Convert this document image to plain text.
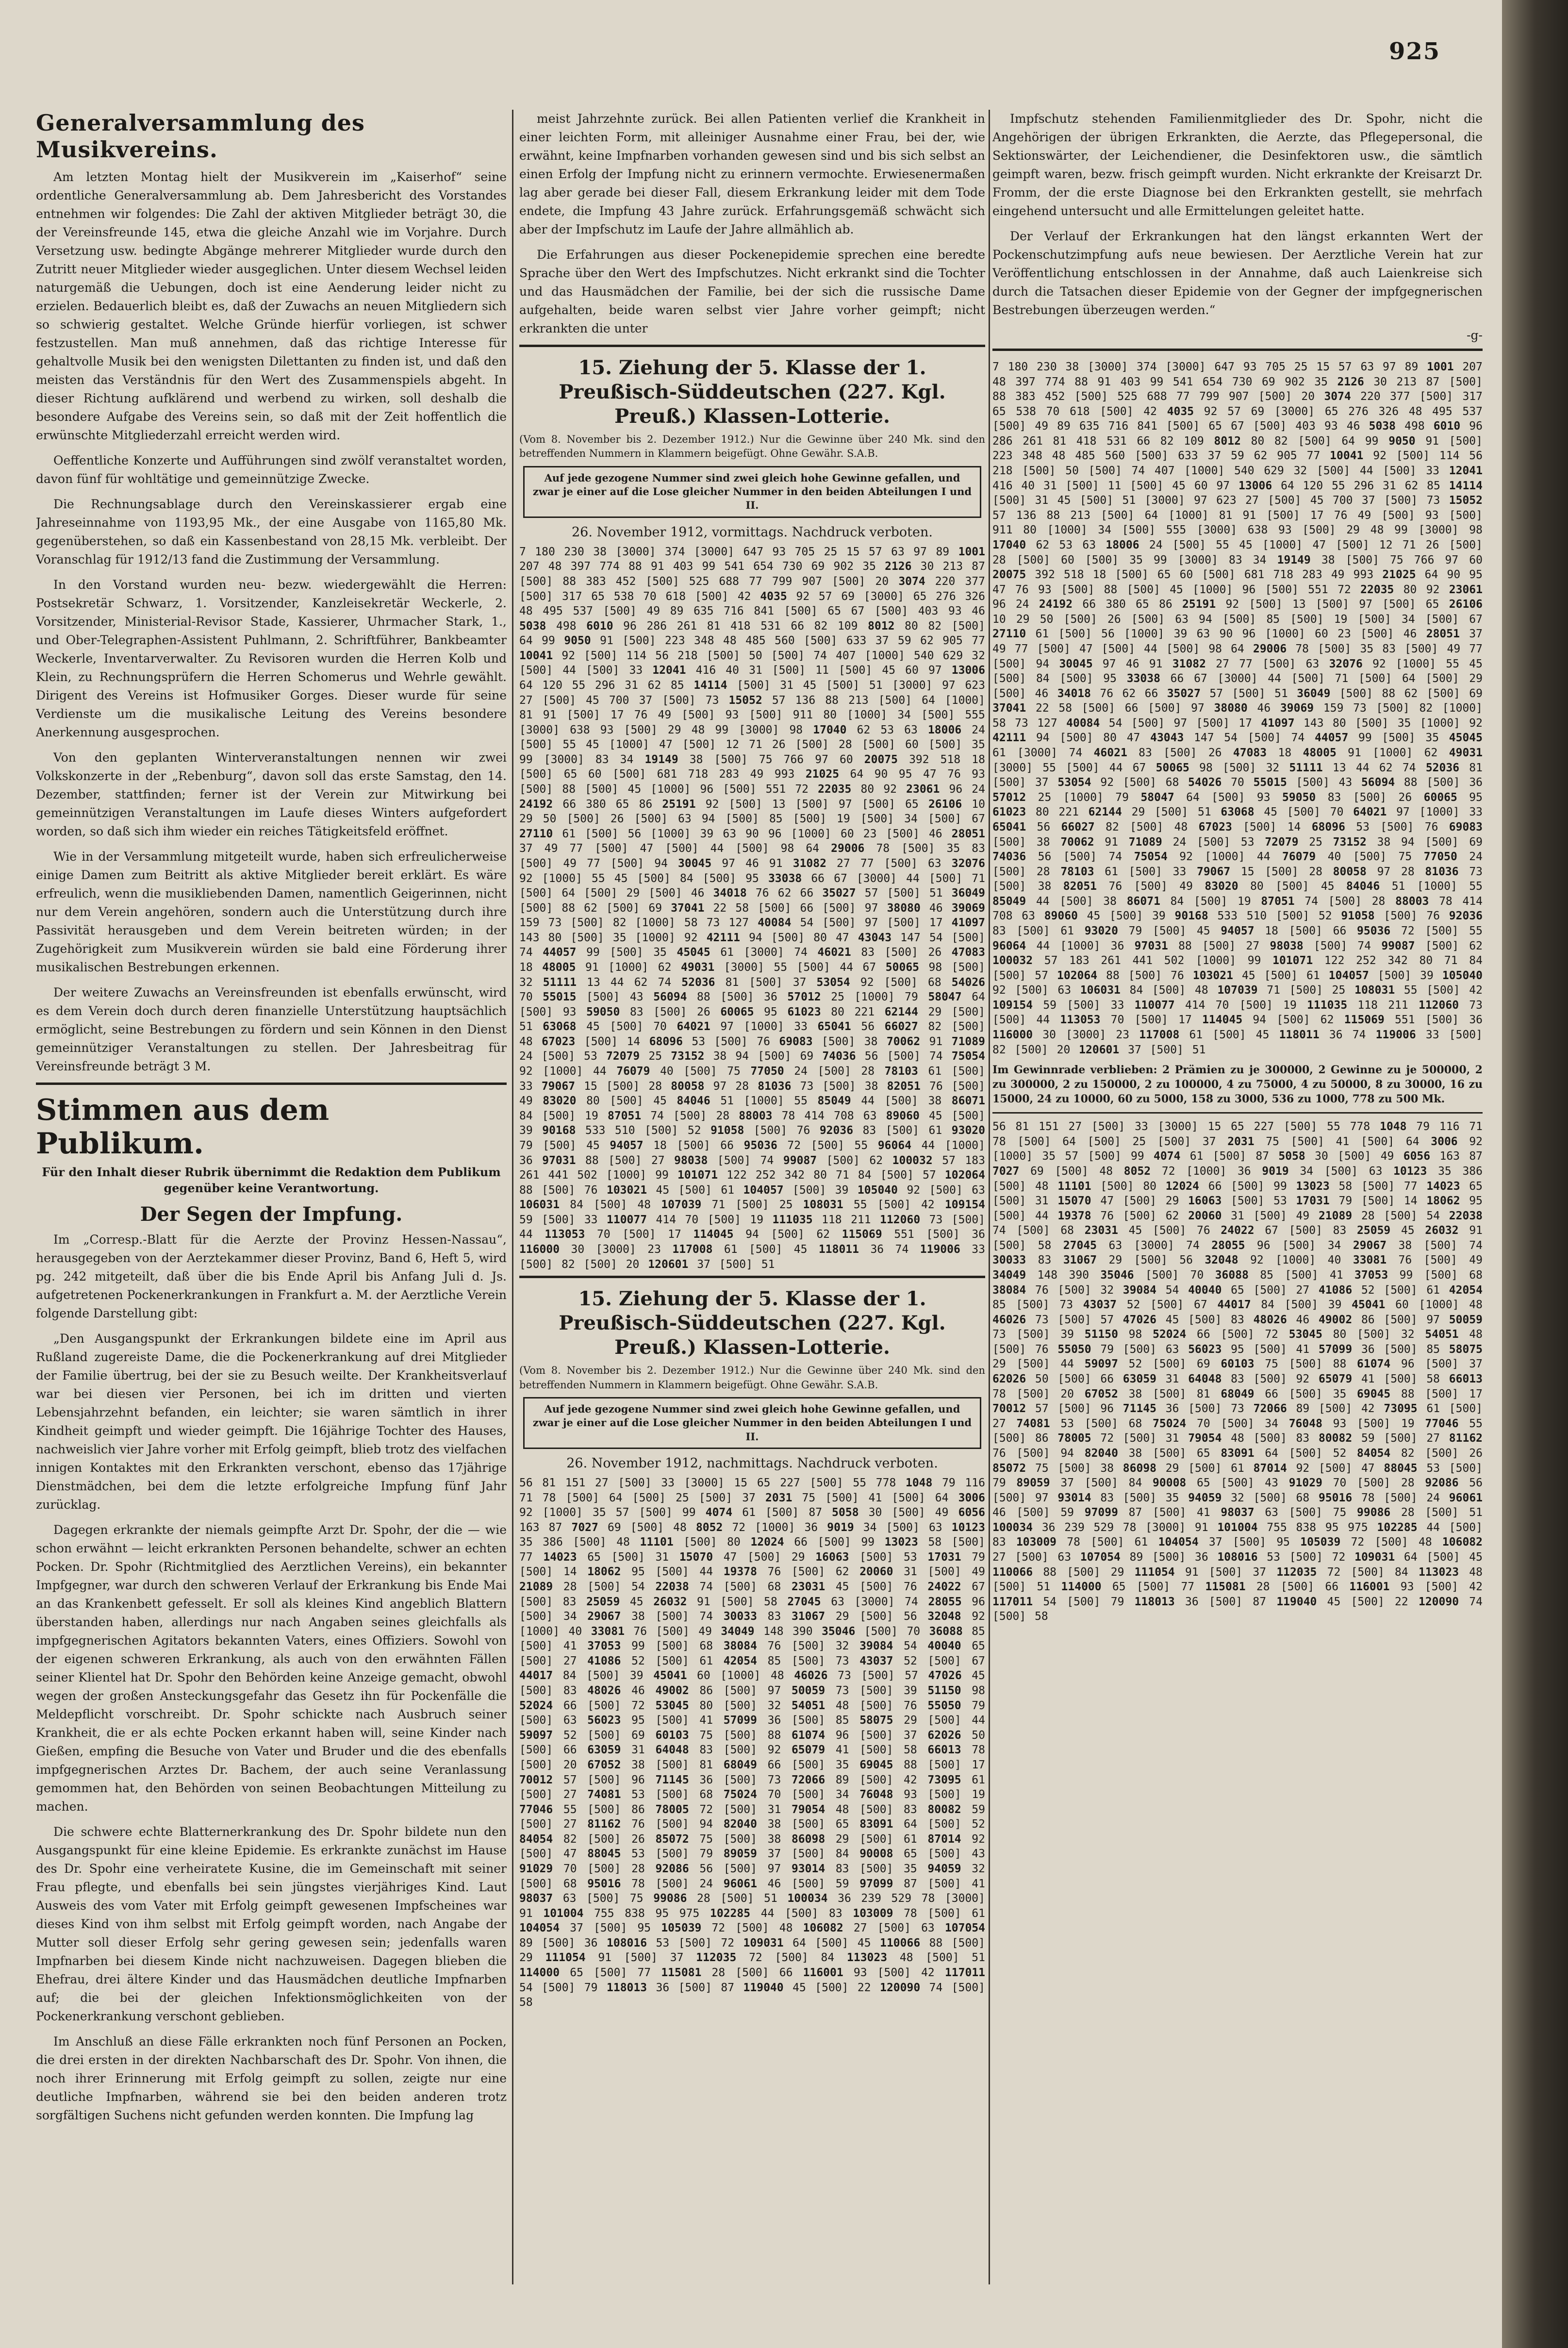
925
Generalversammlung des Musikvereins.

Am letzten Montag hielt der Musikverein im „Kaiserhof“ seine ordentliche Generalversammlung ab. Dem Jahresbericht des Vorstandes entnehmen wir folgendes: Die Zahl der aktiven Mitglieder beträgt 30, die der Vereinsfreunde 145, etwa die gleiche Anzahl wie im Vorjahre. Durch Versetzung usw. bedingte Abgänge mehrerer Mitglieder wurde durch den Zutritt neuer Mitglieder wieder ausgeglichen. Unter diesem Wechsel leiden naturgemäß die Uebungen, doch ist eine Aenderung leider nicht zu erzielen. Bedauerlich bleibt es, daß der Zuwachs an neuen Mitgliedern sich so schwierig gestaltet. Welche Gründe hierfür vorliegen, ist schwer festzustellen. Man muß annehmen, daß das richtige Interesse für gehaltvolle Musik bei den wenigsten Dilettanten zu finden ist, und daß den meisten das Verständnis für den Wert des Zusammenspiels abgeht. In dieser Richtung aufklärend und werbend zu wirken, soll deshalb die besondere Aufgabe des Vereins sein, so daß mit der Zeit hoffentlich die erwünschte Mitgliederzahl erreicht werden wird.

Oeffentliche Konzerte und Aufführungen sind zwölf veranstaltet worden, davon fünf für wohltätige und gemeinnützige Zwecke.

Die Rechnungsablage durch den Vereinskassierer ergab eine Jahreseinnahme von 1193,95 Mk., der eine Ausgabe von 1165,80 Mk. gegenüberstehen, so daß ein Kassenbestand von 28,15 Mk. verbleibt. Der Voranschlag für 1912/13 fand die Zustimmung der Versammlung.

In den Vorstand wurden neu- bezw. wiedergewählt die Herren: Postsekretär Schwarz, 1. Vorsitzender, Kanzleisekretär Weckerle, 2. Vorsitzender, Ministerial-Revisor Stade, Kassierer, Uhrmacher Stark, 1., und Ober-Telegraphen-Assistent Puhlmann, 2. Schriftführer, Bankbeamter Weckerle, Inventarverwalter. Zu Revisoren wurden die Herren Kolb und Klein, zu Rechnungsprüfern die Herren Schomerus und Wehrle gewählt. Dirigent des Vereins ist Hofmusiker Gorges. Dieser wurde für seine Verdienste um die musikalische Leitung des Vereins besondere Anerkennung ausgesprochen.

Von den geplanten Winterveranstaltungen nennen wir zwei Volkskonzerte in der „Rebenburg“, davon soll das erste Samstag, den 14. Dezember, stattfinden; ferner ist der Verein zur Mitwirkung bei gemeinnützigen Veranstaltungen im Laufe dieses Winters aufgefordert worden, so daß sich ihm wieder ein reiches Tätigkeitsfeld eröffnet.

Wie in der Versammlung mitgeteilt wurde, haben sich erfreulicherweise einige Damen zum Beitritt als aktive Mitglieder bereit erklärt. Es wäre erfreulich, wenn die musikliebenden Damen, namentlich Geigerinnen, nicht nur dem Verein angehören, sondern auch die Unterstützung durch ihre Passivität herausgeben und dem Verein beitreten würden; in der Zugehörigkeit zum Musikverein würden sie bald eine Förderung ihrer musikalischen Bestrebungen erkennen.

Der weitere Zuwachs an Vereinsfreunden ist ebenfalls erwünscht, wird es dem Verein doch durch deren finanzielle Unterstützung hauptsächlich ermöglicht, seine Bestrebungen zu fördern und sein Können in den Dienst gemeinnütziger Veranstaltungen zu stellen. Der Jahresbeitrag für Vereinsfreunde beträgt 3 M.

Stimmen aus dem Publikum.

Für den Inhalt dieser Rubrik übernimmt die Redaktion dem Publikum gegenüber keine Verantwortung.

Der Segen der Impfung.

Im „Corresp.-Blatt für die Aerzte der Provinz Hessen-Nassau“, herausgegeben von der Aerztekammer dieser Provinz, Band 6, Heft 5, wird pg. 242 mitgeteilt, daß über die bis Ende April bis Anfang Juli d. Js. aufgetretenen Pockenerkrankungen in Frankfurt a. M. der Aerztliche Verein folgende Darstellung gibt:

„Den Ausgangspunkt der Erkrankungen bildete eine im April aus Rußland zugereiste Dame, die die Pockenerkrankung auf drei Mitglieder der Familie übertrug, bei der sie zu Besuch weilte. Der Krankheitsverlauf war bei diesen vier Personen, bei ich im dritten und vierten Lebensjahrzehnt befanden, ein leichter; sie waren sämtlich in ihrer Kindheit geimpft und wieder geimpft. Die 16jährige Tochter des Hauses, nachweislich vier Jahre vorher mit Erfolg geimpft, blieb trotz des vielfachen innigen Kontaktes mit den Erkrankten verschont, ebenso das 17jährige Dienstmädchen, bei dem die letzte erfolgreiche Impfung fünf Jahr zurücklag.

Dagegen erkrankte der niemals geimpfte Arzt Dr. Spohr, der die — wie schon erwähnt — leicht erkrankten Personen behandelte, schwer an echten Pocken. Dr. Spohr (Richtmitglied des Aerztlichen Vereins), ein bekannter Impfgegner, war durch den schweren Verlauf der Erkrankung bis Ende Mai an das Krankenbett gefesselt. Er soll als kleines Kind angeblich Blattern überstanden haben, allerdings nur nach Angaben seines gleichfalls als impfgegnerischen Agitators bekannten Vaters, eines Offiziers. Sowohl von der eigenen schweren Erkrankung, als auch von den erwähnten Fällen seiner Klientel hat Dr. Spohr den Behörden keine Anzeige gemacht, obwohl wegen der großen Ansteckungsgefahr das Gesetz ihn für Pockenfälle die Meldepflicht vorschreibt. Dr. Spohr schickte nach Ausbruch seiner Krankheit, die er als echte Pocken erkannt haben will, seine Kinder nach Gießen, empfing die Besuche von Vater und Bruder und die des ebenfalls impfgegnerischen Arztes Dr. Bachem, der auch seine Veranlassung gemommen hat, den Behörden von seinen Beobachtungen Mitteilung zu machen.

Die schwere echte Blatternerkrankung des Dr. Spohr bildete nun den Ausgangspunkt für eine kleine Epidemie. Es erkrankte zunächst im Hause des Dr. Spohr eine verheiratete Kusine, die im Gemeinschaft mit seiner Frau pflegte, und ebenfalls bei sein jüngstes vierjähriges Kind. Laut Ausweis des vom Vater mit Erfolg geimpft gewesenen Impfscheines war dieses Kind von ihm selbst mit Erfolg geimpft worden, nach Angabe der Mutter soll dieser Erfolg sehr gering gewesen sein; jedenfalls waren Impfnarben bei diesem Kinde nicht nachzuweisen. Dagegen blieben die Ehefrau, drei ältere Kinder und das Hausmädchen deutliche Impfnarben auf; die bei der gleichen Infektionsmöglichkeiten von der Pockenerkrankung verschont geblieben.

Im Anschluß an diese Fälle erkrankten noch fünf Personen an Pocken, die drei ersten in der direkten Nachbarschaft des Dr. Spohr. Von ihnen, die noch ihrer Erinnerung mit Erfolg geimpft zu sollen, zeigte nur eine deutliche Impfnarben, während sie bei den beiden anderen trotz sorgfältigen Suchens nicht gefunden werden konnten. Die Impfung lag

meist Jahrzehnte zurück. Bei allen Patienten verlief die Krankheit in einer leichten Form, mit alleiniger Ausnahme einer Frau, bei der, wie erwähnt, keine Impfnarben vorhanden gewesen sind und bis sich selbst an einen Erfolg der Impfung nicht zu erinnern vermochte. Erwiesenermaßen lag aber gerade bei dieser Fall, diesem Erkrankung leider mit dem Tode endete, die Impfung 43 Jahre zurück. Erfahrungsgemäß schwächt sich aber der Impfschutz im Laufe der Jahre allmählich ab.

Die Erfahrungen aus dieser Pockenepidemie sprechen eine beredte Sprache über den Wert des Impfschutzes. Nicht erkrankt sind die Tochter und das Hausmädchen der Familie, bei der sich die russische Dame aufgehalten, beide waren selbst vier Jahre vorher geimpft; nicht erkrankten die unter

15. Ziehung der 5. Klasse der 1. Preußisch-Süddeutschen (227. Kgl. Preuß.) Klassen-Lotterie.
(Vom 8. November bis 2. Dezember 1912.) Nur die Gewinne über 240 Mk. sind den betreffenden Nummern in Klammern beigefügt. Ohne Gewähr. S.A.B.
Auf jede gezogene Nummer sind zwei gleich hohe Gewinne gefallen, und zwar je einer auf die Lose gleicher Nummer in den beiden Abteilungen I und II.
26. November 1912, vormittags. Nachdruck verboten.
7 180 230 38 [3000] 374 [3000] 647 93 705 25 15 57 63 97 89 1001 207 48 397 774 88 91 403 99 541 654 730 69 902 35 2126 30 213 87 [500] 88 383 452 [500] 525 688 77 799 907 [500] 20 3074 220 377 [500] 317 65 538 70 618 [500] 42 4035 92 57 69 [3000] 65 276 326 48 495 537 [500] 49 89 635 716 841 [500] 65 67 [500] 403 93 46 5038 498 6010 96 286 261 81 418 531 66 82 109 8012 80 82 [500] 64 99 9050 91 [500] 223 348 48 485 560 [500] 633 37 59 62 905 77 10041 92 [500] 114 56 218 [500] 50 [500] 74 407 [1000] 540 629 32 [500] 44 [500] 33 12041 416 40 31 [500] 11 [500] 45 60 97 13006 64 120 55 296 31 62 85 14114 [500] 31 45 [500] 51 [3000] 97 623 27 [500] 45 700 37 [500] 73 15052 57 136 88 213 [500] 64 [1000] 81 91 [500] 17 76 49 [500] 93 [500] 911 80 [1000] 34 [500] 555 [3000] 638 93 [500] 29 48 99 [3000] 98 17040 62 53 63 18006 24 [500] 55 45 [1000] 47 [500] 12 71 26 [500] 28 [500] 60 [500] 35 99 [3000] 83 34 19149 38 [500] 75 766 97 60 20075 392 518 18 [500] 65 60 [500] 681 718 283 49 993 21025 64 90 95 47 76 93 [500] 88 [500] 45 [1000] 96 [500] 551 72 22035 80 92 23061 96 24 24192 66 380 65 86 25191 92 [500] 13 [500] 97 [500] 65 26106 10 29 50 [500] 26 [500] 63 94 [500] 85 [500] 19 [500] 34 [500] 67 27110 61 [500] 56 [1000] 39 63 90 96 [1000] 60 23 [500] 46 28051 37 49 77 [500] 47 [500] 44 [500] 98 64 29006 78 [500] 35 83 [500] 49 77 [500] 94 30045 97 46 91 31082 27 77 [500] 63 32076 92 [1000] 55 45 [500] 84 [500] 95 33038 66 67 [3000] 44 [500] 71 [500] 64 [500] 29 [500] 46 34018 76 62 66 35027 57 [500] 51 36049 [500] 88 62 [500] 69 37041 22 58 [500] 66 [500] 97 38080 46 39069 159 73 [500] 82 [1000] 58 73 127 40084 54 [500] 97 [500] 17 41097 143 80 [500] 35 [1000] 92 42111 94 [500] 80 47 43043 147 54 [500] 74 44057 99 [500] 35 45045 61 [3000] 74 46021 83 [500] 26 47083 18 48005 91 [1000] 62 49031 [3000] 55 [500] 44 67 50065 98 [500] 32 51111 13 44 62 74 52036 81 [500] 37 53054 92 [500] 68 54026 70 55015 [500] 43 56094 88 [500] 36 57012 25 [1000] 79 58047 64 [500] 93 59050 83 [500] 26 60065 95 61023 80 221 62144 29 [500] 51 63068 45 [500] 70 64021 97 [1000] 33 65041 56 66027 82 [500] 48 67023 [500] 14 68096 53 [500] 76 69083 [500] 38 70062 91 71089 24 [500] 53 72079 25 73152 38 94 [500] 69 74036 56 [500] 74 75054 92 [1000] 44 76079 40 [500] 75 77050 24 [500] 28 78103 61 [500] 33 79067 15 [500] 28 80058 97 28 81036 73 [500] 38 82051 76 [500] 49 83020 80 [500] 45 84046 51 [1000] 55 85049 44 [500] 38 86071 84 [500] 19 87051 74 [500] 28 88003 78 414 708 63 89060 45 [500] 39 90168 533 510 [500] 52 91058 [500] 76 92036 83 [500] 61 93020 79 [500] 45 94057 18 [500] 66 95036 72 [500] 55 96064 44 [1000] 36 97031 88 [500] 27 98038 [500] 74 99087 [500] 62 100032 57 183 261 441 502 [1000] 99 101071 122 252 342 80 71 84 [500] 57 102064 88 [500] 76 103021 45 [500] 61 104057 [500] 39 105040 92 [500] 63 106031 84 [500] 48 107039 71 [500] 25 108031 55 [500] 42 109154 59 [500] 33 110077 414 70 [500] 19 111035 118 211 112060 73 [500] 44 113053 70 [500] 17 114045 94 [500] 62 115069 551 [500] 36 116000 30 [3000] 23 117008 61 [500] 45 118011 36 74 119006 33 [500] 82 [500] 20 120601 37 [500] 51
15. Ziehung der 5. Klasse der 1. Preußisch-Süddeutschen (227. Kgl. Preuß.) Klassen-Lotterie.
(Vom 8. November bis 2. Dezember 1912.) Nur die Gewinne über 240 Mk. sind den betreffenden Nummern in Klammern beigefügt. Ohne Gewähr. S.A.B.
Auf jede gezogene Nummer sind zwei gleich hohe Gewinne gefallen, und zwar je einer auf die Lose gleicher Nummer in den beiden Abteilungen I und II.
26. November 1912, nachmittags. Nachdruck verboten.
56 81 151 27 [500] 33 [3000] 15 65 227 [500] 55 778 1048 79 116 71 78 [500] 64 [500] 25 [500] 37 2031 75 [500] 41 [500] 64 3006 92 [1000] 35 57 [500] 99 4074 61 [500] 87 5058 30 [500] 49 6056 163 87 7027 69 [500] 48 8052 72 [1000] 36 9019 34 [500] 63 10123 35 386 [500] 48 11101 [500] 80 12024 66 [500] 99 13023 58 [500] 77 14023 65 [500] 31 15070 47 [500] 29 16063 [500] 53 17031 79 [500] 14 18062 95 [500] 44 19378 76 [500] 62 20060 31 [500] 49 21089 28 [500] 54 22038 74 [500] 68 23031 45 [500] 76 24022 67 [500] 83 25059 45 26032 91 [500] 58 27045 63 [3000] 74 28055 96 [500] 34 29067 38 [500] 74 30033 83 31067 29 [500] 56 32048 92 [1000] 40 33081 76 [500] 49 34049 148 390 35046 [500] 70 36088 85 [500] 41 37053 99 [500] 68 38084 76 [500] 32 39084 54 40040 65 [500] 27 41086 52 [500] 61 42054 85 [500] 73 43037 52 [500] 67 44017 84 [500] 39 45041 60 [1000] 48 46026 73 [500] 57 47026 45 [500] 83 48026 46 49002 86 [500] 97 50059 73 [500] 39 51150 98 52024 66 [500] 72 53045 80 [500] 32 54051 48 [500] 76 55050 79 [500] 63 56023 95 [500] 41 57099 36 [500] 85 58075 29 [500] 44 59097 52 [500] 69 60103 75 [500] 88 61074 96 [500] 37 62026 50 [500] 66 63059 31 64048 83 [500] 92 65079 41 [500] 58 66013 78 [500] 20 67052 38 [500] 81 68049 66 [500] 35 69045 88 [500] 17 70012 57 [500] 96 71145 36 [500] 73 72066 89 [500] 42 73095 61 [500] 27 74081 53 [500] 68 75024 70 [500] 34 76048 93 [500] 19 77046 55 [500] 86 78005 72 [500] 31 79054 48 [500] 83 80082 59 [500] 27 81162 76 [500] 94 82040 38 [500] 65 83091 64 [500] 52 84054 82 [500] 26 85072 75 [500] 38 86098 29 [500] 61 87014 92 [500] 47 88045 53 [500] 79 89059 37 [500] 84 90008 65 [500] 43 91029 70 [500] 28 92086 56 [500] 97 93014 83 [500] 35 94059 32 [500] 68 95016 78 [500] 24 96061 46 [500] 59 97099 87 [500] 41 98037 63 [500] 75 99086 28 [500] 51 100034 36 239 529 78 [3000] 91 101004 755 838 95 975 102285 44 [500] 83 103009 78 [500] 61 104054 37 [500] 95 105039 72 [500] 48 106082 27 [500] 63 107054 89 [500] 36 108016 53 [500] 72 109031 64 [500] 45 110066 88 [500] 29 111054 91 [500] 37 112035 72 [500] 84 113023 48 [500] 51 114000 65 [500] 77 115081 28 [500] 66 116001 93 [500] 42 117011 54 [500] 79 118013 36 [500] 87 119040 45 [500] 22 120090 74 [500] 58

Impfschutz stehenden Familienmitglieder des Dr. Spohr, nicht die Angehörigen der übrigen Erkrankten, die Aerzte, das Pflegepersonal, die Sektionswärter, der Leichendiener, die Desinfektoren usw., die sämtlich geimpft waren, bezw. frisch geimpft wurden. Nicht erkrankte der Kreisarzt Dr. Fromm, der die erste Diagnose bei den Erkrankten gestellt, sie mehrfach eingehend untersucht und alle Ermittelungen geleitet hatte.

Der Verlauf der Erkrankungen hat den längst erkannten Wert der Pockenschutzimpfung aufs neue bewiesen. Der Aerztliche Verein hat zur Veröffentlichung entschlossen in der Annahme, daß auch Laienkreise sich durch die Tatsachen dieser Epidemie von der Gegner der impfgegnerischen Bestrebungen überzeugen werden.“

-g-

7 180 230 38 [3000] 374 [3000] 647 93 705 25 15 57 63 97 89 1001 207 48 397 774 88 91 403 99 541 654 730 69 902 35 2126 30 213 87 [500] 88 383 452 [500] 525 688 77 799 907 [500] 20 3074 220 377 [500] 317 65 538 70 618 [500] 42 4035 92 57 69 [3000] 65 276 326 48 495 537 [500] 49 89 635 716 841 [500] 65 67 [500] 403 93 46 5038 498 6010 96 286 261 81 418 531 66 82 109 8012 80 82 [500] 64 99 9050 91 [500] 223 348 48 485 560 [500] 633 37 59 62 905 77 10041 92 [500] 114 56 218 [500] 50 [500] 74 407 [1000] 540 629 32 [500] 44 [500] 33 12041 416 40 31 [500] 11 [500] 45 60 97 13006 64 120 55 296 31 62 85 14114 [500] 31 45 [500] 51 [3000] 97 623 27 [500] 45 700 37 [500] 73 15052 57 136 88 213 [500] 64 [1000] 81 91 [500] 17 76 49 [500] 93 [500] 911 80 [1000] 34 [500] 555 [3000] 638 93 [500] 29 48 99 [3000] 98 17040 62 53 63 18006 24 [500] 55 45 [1000] 47 [500] 12 71 26 [500] 28 [500] 60 [500] 35 99 [3000] 83 34 19149 38 [500] 75 766 97 60 20075 392 518 18 [500] 65 60 [500] 681 718 283 49 993 21025 64 90 95 47 76 93 [500] 88 [500] 45 [1000] 96 [500] 551 72 22035 80 92 23061 96 24 24192 66 380 65 86 25191 92 [500] 13 [500] 97 [500] 65 26106 10 29 50 [500] 26 [500] 63 94 [500] 85 [500] 19 [500] 34 [500] 67 27110 61 [500] 56 [1000] 39 63 90 96 [1000] 60 23 [500] 46 28051 37 49 77 [500] 47 [500] 44 [500] 98 64 29006 78 [500] 35 83 [500] 49 77 [500] 94 30045 97 46 91 31082 27 77 [500] 63 32076 92 [1000] 55 45 [500] 84 [500] 95 33038 66 67 [3000] 44 [500] 71 [500] 64 [500] 29 [500] 46 34018 76 62 66 35027 57 [500] 51 36049 [500] 88 62 [500] 69 37041 22 58 [500] 66 [500] 97 38080 46 39069 159 73 [500] 82 [1000] 58 73 127 40084 54 [500] 97 [500] 17 41097 143 80 [500] 35 [1000] 92 42111 94 [500] 80 47 43043 147 54 [500] 74 44057 99 [500] 35 45045 61 [3000] 74 46021 83 [500] 26 47083 18 48005 91 [1000] 62 49031 [3000] 55 [500] 44 67 50065 98 [500] 32 51111 13 44 62 74 52036 81 [500] 37 53054 92 [500] 68 54026 70 55015 [500] 43 56094 88 [500] 36 57012 25 [1000] 79 58047 64 [500] 93 59050 83 [500] 26 60065 95 61023 80 221 62144 29 [500] 51 63068 45 [500] 70 64021 97 [1000] 33 65041 56 66027 82 [500] 48 67023 [500] 14 68096 53 [500] 76 69083 [500] 38 70062 91 71089 24 [500] 53 72079 25 73152 38 94 [500] 69 74036 56 [500] 74 75054 92 [1000] 44 76079 40 [500] 75 77050 24 [500] 28 78103 61 [500] 33 79067 15 [500] 28 80058 97 28 81036 73 [500] 38 82051 76 [500] 49 83020 80 [500] 45 84046 51 [1000] 55 85049 44 [500] 38 86071 84 [500] 19 87051 74 [500] 28 88003 78 414 708 63 89060 45 [500] 39 90168 533 510 [500] 52 91058 [500] 76 92036 83 [500] 61 93020 79 [500] 45 94057 18 [500] 66 95036 72 [500] 55 96064 44 [1000] 36 97031 88 [500] 27 98038 [500] 74 99087 [500] 62 100032 57 183 261 441 502 [1000] 99 101071 122 252 342 80 71 84 [500] 57 102064 88 [500] 76 103021 45 [500] 61 104057 [500] 39 105040 92 [500] 63 106031 84 [500] 48 107039 71 [500] 25 108031 55 [500] 42 109154 59 [500] 33 110077 414 70 [500] 19 111035 118 211 112060 73 [500] 44 113053 70 [500] 17 114045 94 [500] 62 115069 551 [500] 36 116000 30 [3000] 23 117008 61 [500] 45 118011 36 74 119006 33 [500] 82 [500] 20 120601 37 [500] 51
Im Gewinnrade verblieben: 2 Prämien zu je 300000, 2 Gewinne zu je 500000, 2 zu 300000, 2 zu 150000, 2 zu 100000, 4 zu 75000, 4 zu 50000, 8 zu 30000, 16 zu 15000, 24 zu 10000, 60 zu 5000, 158 zu 3000, 536 zu 1000, 778 zu 500 Mk.
56 81 151 27 [500] 33 [3000] 15 65 227 [500] 55 778 1048 79 116 71 78 [500] 64 [500] 25 [500] 37 2031 75 [500] 41 [500] 64 3006 92 [1000] 35 57 [500] 99 4074 61 [500] 87 5058 30 [500] 49 6056 163 87 7027 69 [500] 48 8052 72 [1000] 36 9019 34 [500] 63 10123 35 386 [500] 48 11101 [500] 80 12024 66 [500] 99 13023 58 [500] 77 14023 65 [500] 31 15070 47 [500] 29 16063 [500] 53 17031 79 [500] 14 18062 95 [500] 44 19378 76 [500] 62 20060 31 [500] 49 21089 28 [500] 54 22038 74 [500] 68 23031 45 [500] 76 24022 67 [500] 83 25059 45 26032 91 [500] 58 27045 63 [3000] 74 28055 96 [500] 34 29067 38 [500] 74 30033 83 31067 29 [500] 56 32048 92 [1000] 40 33081 76 [500] 49 34049 148 390 35046 [500] 70 36088 85 [500] 41 37053 99 [500] 68 38084 76 [500] 32 39084 54 40040 65 [500] 27 41086 52 [500] 61 42054 85 [500] 73 43037 52 [500] 67 44017 84 [500] 39 45041 60 [1000] 48 46026 73 [500] 57 47026 45 [500] 83 48026 46 49002 86 [500] 97 50059 73 [500] 39 51150 98 52024 66 [500] 72 53045 80 [500] 32 54051 48 [500] 76 55050 79 [500] 63 56023 95 [500] 41 57099 36 [500] 85 58075 29 [500] 44 59097 52 [500] 69 60103 75 [500] 88 61074 96 [500] 37 62026 50 [500] 66 63059 31 64048 83 [500] 92 65079 41 [500] 58 66013 78 [500] 20 67052 38 [500] 81 68049 66 [500] 35 69045 88 [500] 17 70012 57 [500] 96 71145 36 [500] 73 72066 89 [500] 42 73095 61 [500] 27 74081 53 [500] 68 75024 70 [500] 34 76048 93 [500] 19 77046 55 [500] 86 78005 72 [500] 31 79054 48 [500] 83 80082 59 [500] 27 81162 76 [500] 94 82040 38 [500] 65 83091 64 [500] 52 84054 82 [500] 26 85072 75 [500] 38 86098 29 [500] 61 87014 92 [500] 47 88045 53 [500] 79 89059 37 [500] 84 90008 65 [500] 43 91029 70 [500] 28 92086 56 [500] 97 93014 83 [500] 35 94059 32 [500] 68 95016 78 [500] 24 96061 46 [500] 59 97099 87 [500] 41 98037 63 [500] 75 99086 28 [500] 51 100034 36 239 529 78 [3000] 91 101004 755 838 95 975 102285 44 [500] 83 103009 78 [500] 61 104054 37 [500] 95 105039 72 [500] 48 106082 27 [500] 63 107054 89 [500] 36 108016 53 [500] 72 109031 64 [500] 45 110066 88 [500] 29 111054 91 [500] 37 112035 72 [500] 84 113023 48 [500] 51 114000 65 [500] 77 115081 28 [500] 66 116001 93 [500] 42 117011 54 [500] 79 118013 36 [500] 87 119040 45 [500] 22 120090 74 [500] 58
